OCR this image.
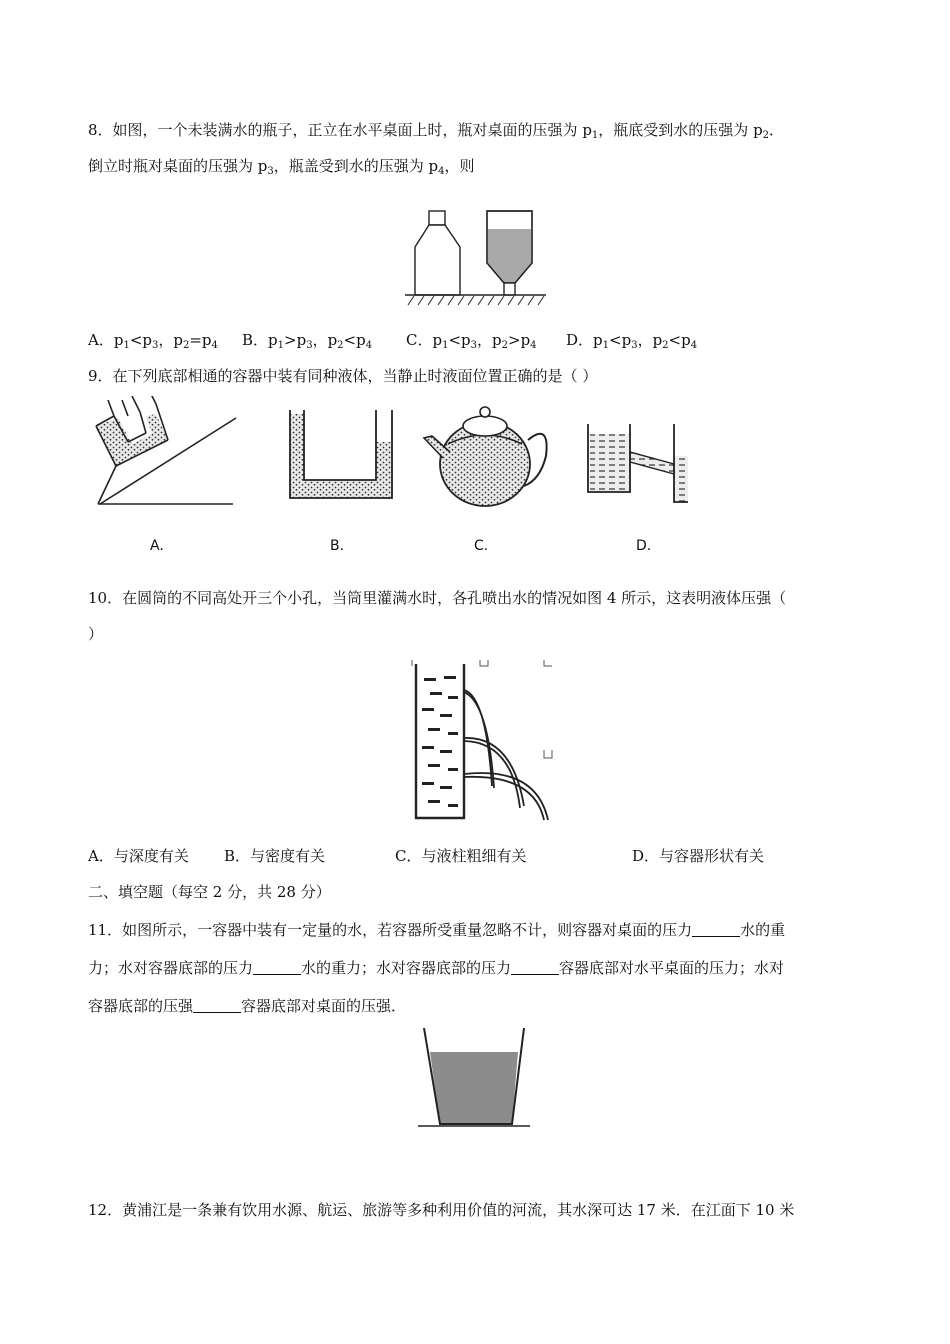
8．如图，一个未装满水的瓶子，正立在水平桌面上时，瓶对桌面的压强为 $p_1$，瓶底受到水的压强为 $p_2$．
倒立时瓶对桌面的压强为 $p_3$，瓶盖受到水的压强为 $p_4$，则
A．$p_1<p_3$，$p_2=p_4$ B．$p_1>p_3$，$p_2<p_4$ C．$p_1<p_3$，$p_2>p_4$ D．$p_1<p_3$，$p_2<p_4$
9．在下列底部相通的容器中装有同种液体，当静止时液面位置正确的是（ ）
A.	B.	C.	D.
10．在圆筒的不同高处开三个小孔，当筒里灌满水时，各孔喷出水的情况如图 4 所示，这表明液体压强（
）
A．与深度有关 B．与密度有关	C．与液柱粗细有关	D．与容器形状有关
二、填空题（每空 2 分，共 28 分）
11．如图所示，一容器中装有一定量的水，若容器所受重量忽略不计，则容器对桌面的压力	水的重
力；水对容器底部的压力	水的重力；水对容器底部的压力	容器底部对水平桌面的压力；水对
容器底部的压强	容器底部对桌面的压强．
12．黄浦江是一条兼有饮用水源、航运、旅游等多种利用价值的河流，其水深可达 17 米．在江面下 10 米
